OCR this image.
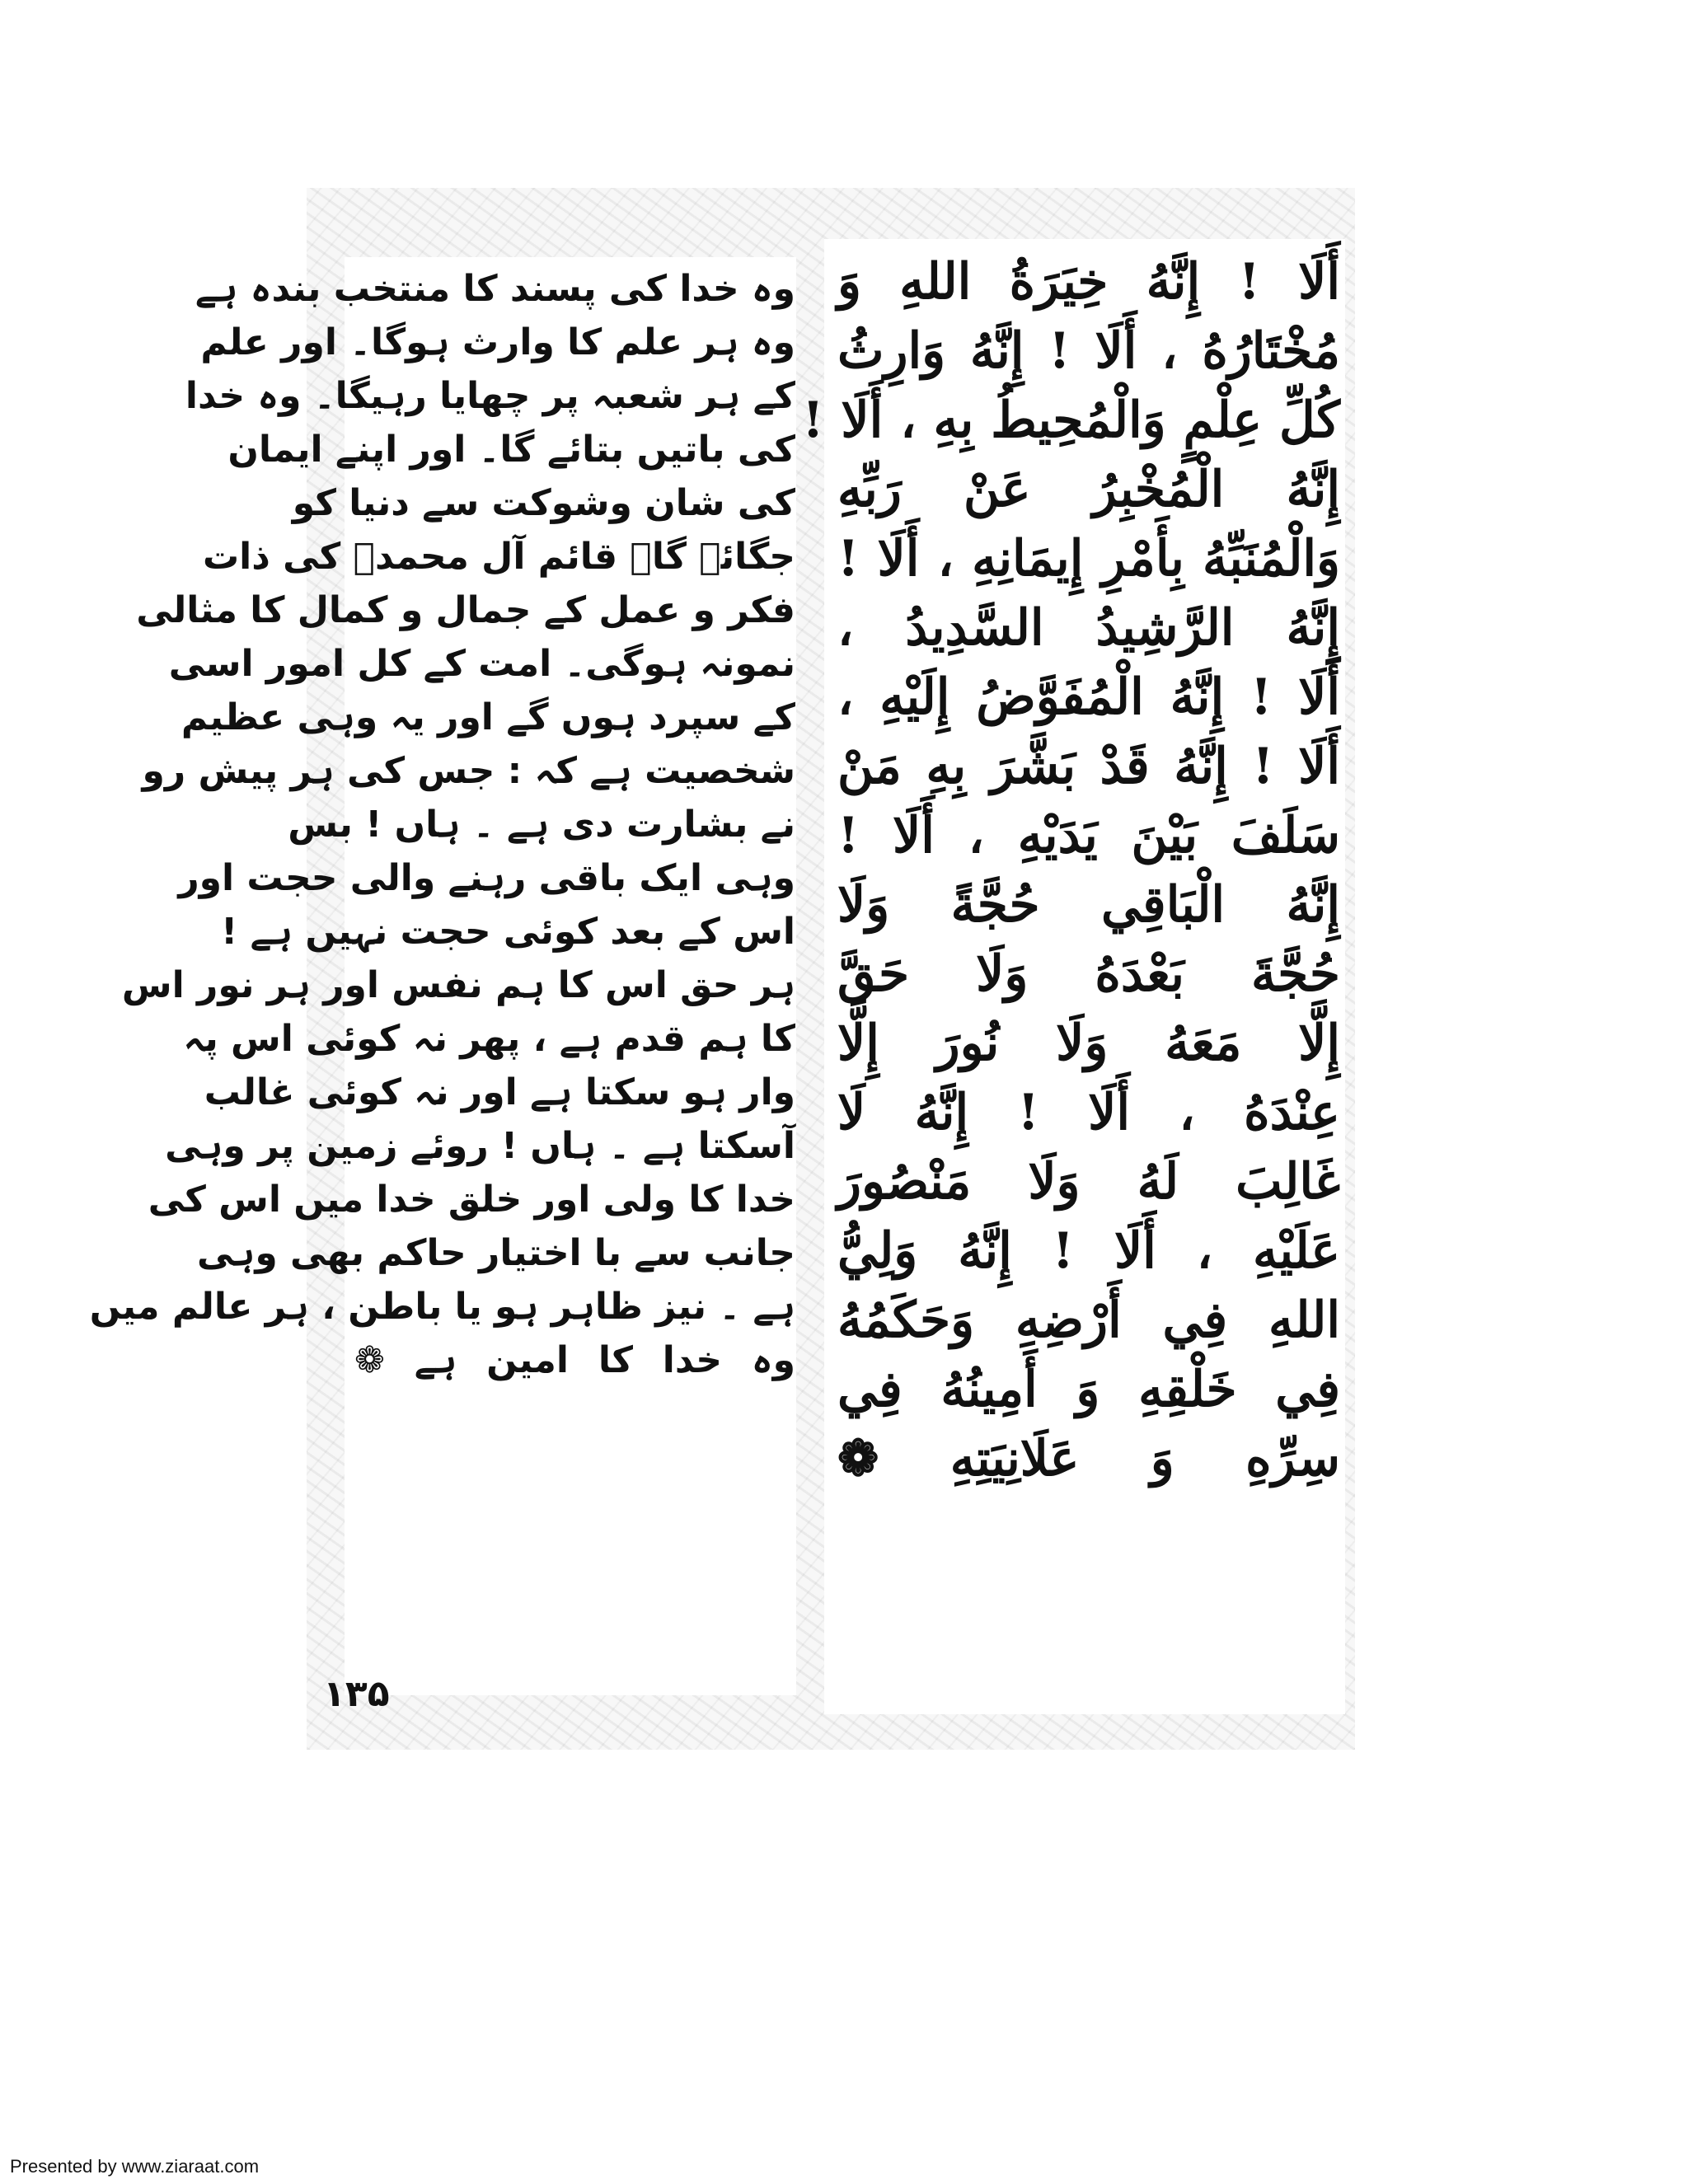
أَلَا ! إِنَّهُ خِيَرَةُ اللهِ وَ
مُخْتَارُهُ ، أَلَا ! إِنَّهُ وَارِثُ
كُلِّ عِلْمٍ وَالْمُحِيطُ بِهِ ، أَلَا !
إِنَّهُ الْمُخْبِرُ عَنْ رَبِّهِ
وَالْمُنَبِّهُ بِأَمْرِ إِيمَانِهِ ، أَلَا !
إِنَّهُ الرَّشِيدُ السَّدِيدُ ،
أَلَا ! إِنَّهُ الْمُفَوَّضُ إِلَيْهِ ،
أَلَا ! إِنَّهُ قَدْ بَشَّرَ بِهِ مَنْ
سَلَفَ بَيْنَ يَدَيْهِ ، أَلَا !
إِنَّهُ الْبَاقِي حُجَّةً وَلَا
حُجَّةَ بَعْدَهُ وَلَا حَقَّ
إِلَّا مَعَهُ وَلَا نُورَ إِلَّا
عِنْدَهُ ، أَلَا ! إِنَّهُ لَا
غَالِبَ لَهُ وَلَا مَنْصُورَ
عَلَيْهِ ، أَلَا ! إِنَّهُ وَلِيُّ
اللهِ فِي أَرْضِهِ وَحَكَمُهُ
فِي خَلْقِهِ وَ أَمِينُهُ فِي
سِرِّهِ وَ عَلَانِيَتِهِ ❁
وہ خدا کی پسند کا منتخب بندہ ہے
وہ ہر علم کا وارث ہوگا۔ اور علم
کے ہر شعبہ پر چھایا رہیگا۔ وہ خدا
کی باتیں بتائے گا۔ اور اپنے ایمان
کی شان وشوکت سے دنیا کو
جگائے گا۔ قائم آل محمدؐ کی ذات
فکر و عمل کے جمال و کمال کا مثالی
نمونہ ہوگی۔ امت کے کل امور اسی
کے سپرد ہوں گے اور یہ وہی عظیم
شخصیت ہے کہ : جس کی ہر پیش رو
نے بشارت دی ہے ۔ ہاں ! بس
وہی ایک باقی رہنے والی حجت اور
اس کے بعد کوئی حجت نہیں ہے !
ہر حق اس کا ہم نفس اور ہر نور اس
کا ہم قدم ہے ، پھر نہ کوئی اس پہ
وار ہو سکتا ہے اور نہ کوئی غالب
آسکتا ہے ۔ ہاں ! روئے زمین پر وہی
خدا کا ولی اور خلق خدا میں اس کی
جانب سے با اختیار حاکم بھی وہی
ہے ۔ نیز ظاہر ہو یا باطن ، ہر عالم میں
وہ خدا کا امین ہے ❁
۱۳۵
Presented by www.ziaraat.com
